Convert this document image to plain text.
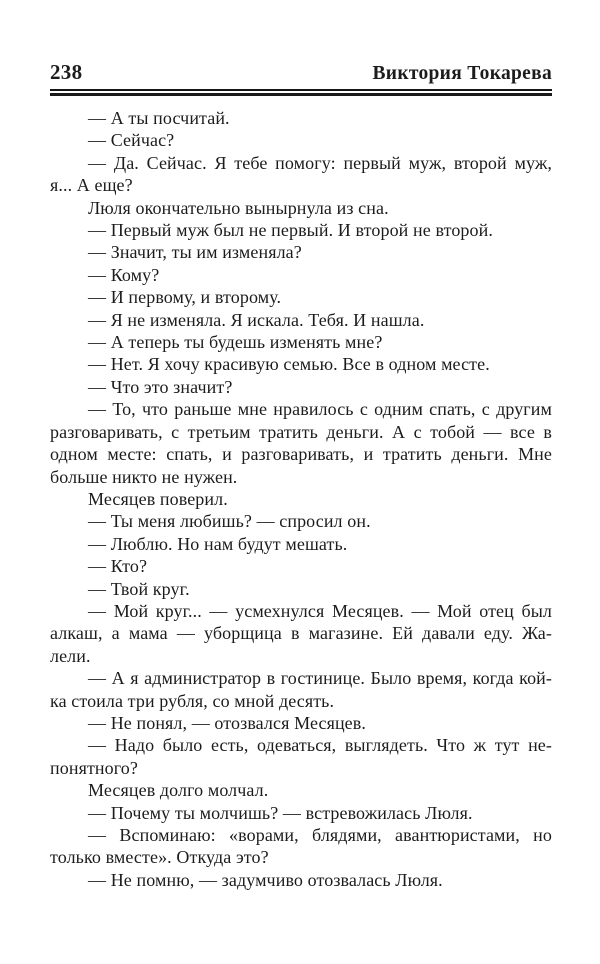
238	Виктория Токарева
— А ты посчитай.
— Сейчас?
— Да. Сейчас. Я тебе помогу: первый муж, второй муж,
я... А еще?
Люля окончательно вынырнула из сна.
— Первый муж был не первый. И второй не второй.
— Значит, ты им изменяла?
— Кому?
— И первому, и второму.
— Я не изменяла. Я искала. Тебя. И нашла.
— А теперь ты будешь изменять мне?
— Нет. Я хочу красивую семью. Все в одном месте.
— Что это значит?
— То, что раньше мне нравилось с одним спать, с другим
разговаривать, с третьим тратить деньги. А с тобой — все в
одном месте: спать, и разговаривать, и тратить деньги. Мне
больше никто не нужен.
Месяцев поверил.
— Ты меня любишь? — спросил он.
— Люблю. Но нам будут мешать.
— Кто?
— Твой круг.
— Мой круг... — усмехнулся Месяцев. — Мой отец был
алкаш, а мама — уборщица в магазине. Ей давали еду. Жа-
лели.
— А я администратор в гостинице. Было время, когда кой-
ка стоила три рубля, со мной десять.
— Не понял, — отозвался Месяцев.
— Надо было есть, одеваться, выглядеть. Что ж тут не-
понятного?
Месяцев долго молчал.
— Почему ты молчишь? — встревожилась Люля.
— Вспоминаю: «ворами, блядями, авантюристами, но
только вместе». Откуда это?
— Не помню, — задумчиво отозвалась Люля.
